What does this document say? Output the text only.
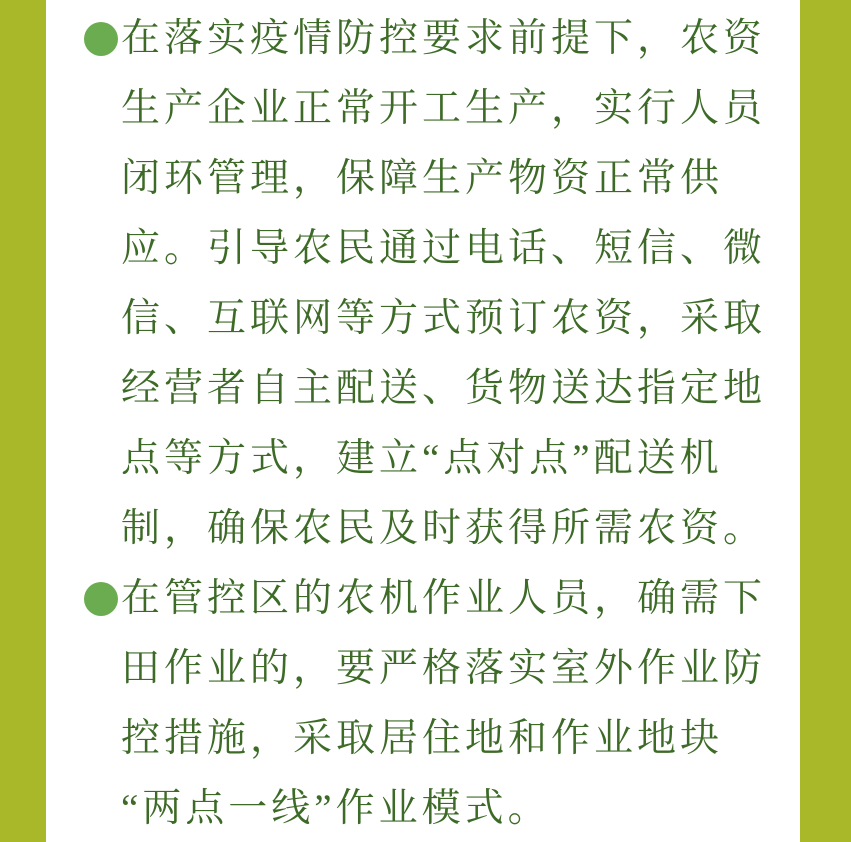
在落实疫情防控要求前提下，农资
生产企业正常开工生产，实行人员
闭环管理，保障生产物资正常供
应。引导农民通过电话、短信、微
信、互联网等方式预订农资，采取
经营者自主配送、货物送达指定地
点等方式，建立“点对点”配送机
制，确保农民及时获得所需农资。
在管控区的农机作业人员，确需下
田作业的，要严格落实室外作业防
控措施，采取居住地和作业地块
“两点一线”作业模式。
